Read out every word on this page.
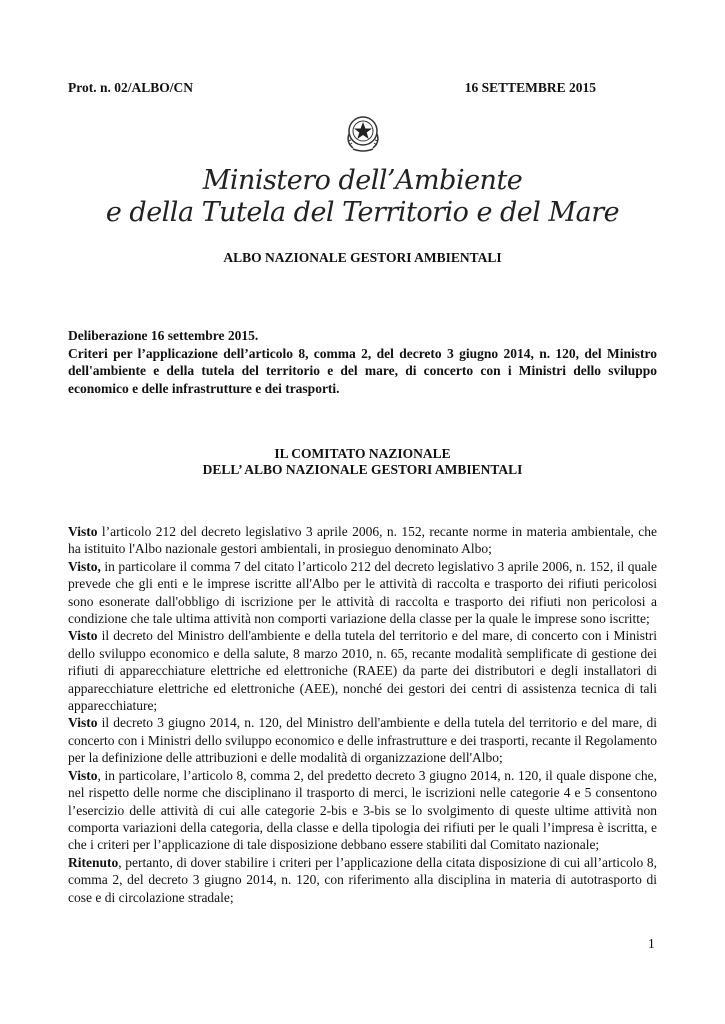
Prot. n. 02/ALBO/CN	16 SETTEMBRE 2015
Ministero dell’Ambiente
e della Tutela del Territorio e del Mare
ALBO NAZIONALE GESTORI AMBIENTALI
Deliberazione 16 settembre 2015.
Criteri per l’applicazione dell’articolo 8, comma 2, del decreto 3 giugno 2014, n. 120, del Ministro dell'ambiente e della tutela del territorio e del mare, di concerto con i Ministri dello sviluppo economico e delle infrastrutture e dei trasporti.
IL COMITATO NAZIONALE
DELL’ ALBO NAZIONALE GESTORI AMBIENTALI

Visto l’articolo 212 del decreto legislativo 3 aprile 2006, n. 152, recante norme in materia ambientale, che ha istituito l'Albo nazionale gestori ambientali, in prosieguo denominato Albo;

Visto, in particolare il comma 7 del citato l’articolo 212 del decreto legislativo 3 aprile 2006, n. 152, il quale prevede che gli enti e le imprese iscritte all'Albo per le attività di raccolta e trasporto dei rifiuti pericolosi sono esonerate dall'obbligo di iscrizione per le attività di raccolta e trasporto dei rifiuti non pericolosi a condizione che tale ultima attività non comporti variazione della classe per la quale le imprese sono iscritte;

Visto il decreto del Ministro dell'ambiente e della tutela del territorio e del mare, di concerto con i Ministri dello sviluppo economico e della salute, 8 marzo 2010, n. 65, recante modalità semplificate di gestione dei rifiuti di apparecchiature elettriche ed elettroniche (RAEE) da parte dei distributori e degli installatori di apparecchiature elettriche ed elettroniche (AEE), nonché dei gestori dei centri di assistenza tecnica di tali apparecchiature;

Visto il decreto 3 giugno 2014, n. 120, del Ministro dell'ambiente e della tutela del territorio e del mare, di concerto con i Ministri dello sviluppo economico e delle infrastrutture e dei trasporti, recante il Regolamento per la definizione delle attribuzioni e delle modalità di organizzazione dell'Albo;

Visto, in particolare, l’articolo 8, comma 2, del predetto decreto 3 giugno 2014, n. 120, il quale dispone che, nel rispetto delle norme che disciplinano il trasporto di merci, le iscrizioni nelle categorie 4 e 5 consentono l’esercizio delle attività di cui alle categorie 2-bis e 3-bis se lo svolgimento di queste ultime attività non comporta variazioni della categoria, della classe e della tipologia dei rifiuti per le quali l’impresa è iscritta, e che i criteri per l’applicazione di tale disposizione debbano essere stabiliti dal Comitato nazionale;

Ritenuto, pertanto, di dover stabilire i criteri per l’applicazione della citata disposizione di cui all’articolo 8, comma 2, del decreto 3 giugno 2014, n. 120, con riferimento alla disciplina in materia di autotrasporto di cose e di circolazione stradale;

1
